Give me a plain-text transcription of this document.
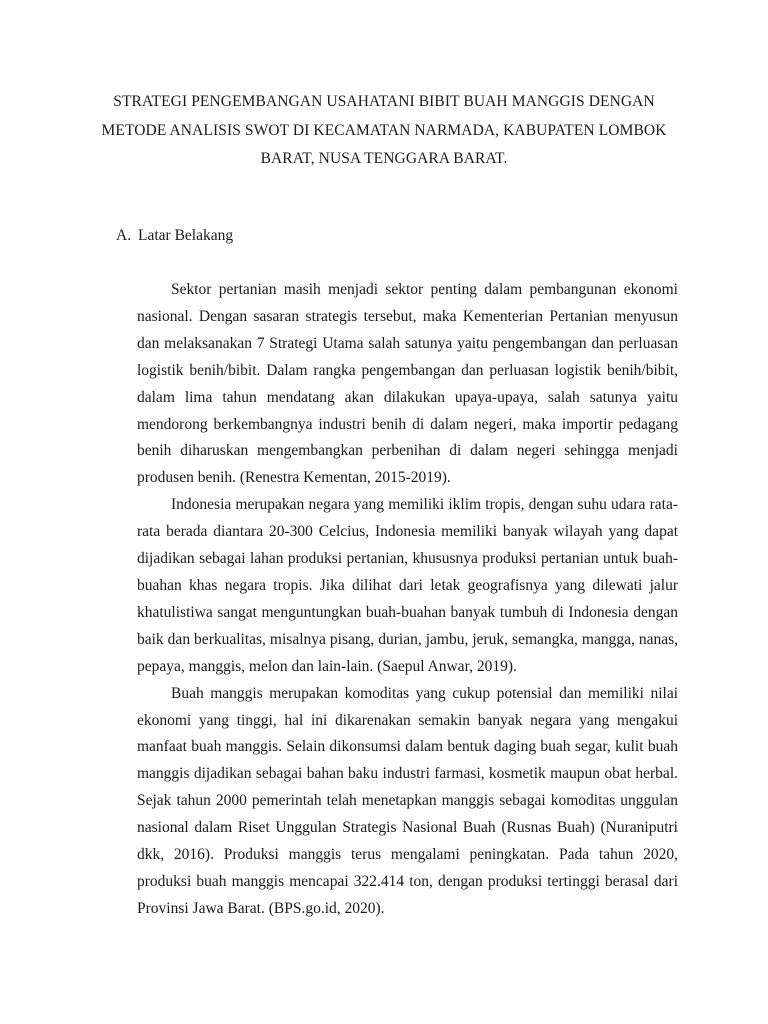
STRATEGI PENGEMBANGAN USAHATANI BIBIT BUAH MANGGIS DENGAN
METODE ANALISIS SWOT DI KECAMATAN NARMADA, KABUPATEN LOMBOK
BARAT, NUSA TENGGARA BARAT.
A. Latar Belakang

Sektor pertanian masih menjadi sektor penting dalam pembangunan ekonomi nasional. Dengan sasaran strategis tersebut, maka Kementerian Pertanian menyusun dan melaksanakan 7 Strategi Utama salah satunya yaitu pengembangan dan perluasan logistik benih/bibit. Dalam rangka pengembangan dan perluasan logistik benih/bibit, dalam lima tahun mendatang akan dilakukan upaya-upaya, salah satunya yaitu mendorong berkembangnya industri benih di dalam negeri, maka importir pedagang benih diharuskan mengembangkan perbenihan di dalam negeri sehingga menjadi produsen benih. (Renestra Kementan, 2015-2019).

Indonesia merupakan negara yang memiliki iklim tropis, dengan suhu udara rata-rata berada diantara 20-300 Celcius, Indonesia memiliki banyak wilayah yang dapat dijadikan sebagai lahan produksi pertanian, khususnya produksi pertanian untuk buah-buahan khas negara tropis. Jika dilihat dari letak geografisnya yang dilewati jalur khatulistiwa sangat menguntungkan buah-buahan banyak tumbuh di Indonesia dengan baik dan berkualitas, misalnya pisang, durian, jambu, jeruk, semangka, mangga, nanas, pepaya, manggis, melon dan lain-lain. (Saepul Anwar, 2019).

Buah manggis merupakan komoditas yang cukup potensial dan memiliki nilai ekonomi yang tinggi, hal ini dikarenakan semakin banyak negara yang mengakui manfaat buah manggis. Selain dikonsumsi dalam bentuk daging buah segar, kulit buah manggis dijadikan sebagai bahan baku industri farmasi, kosmetik maupun obat herbal. Sejak tahun 2000 pemerintah telah menetapkan manggis sebagai komoditas unggulan nasional dalam Riset Unggulan Strategis Nasional Buah (Rusnas Buah) (Nuraniputri dkk, 2016). Produksi manggis terus mengalami peningkatan. Pada tahun 2020, produksi buah manggis mencapai 322.414 ton, dengan produksi tertinggi berasal dari Provinsi Jawa Barat. (BPS.go.id, 2020).
